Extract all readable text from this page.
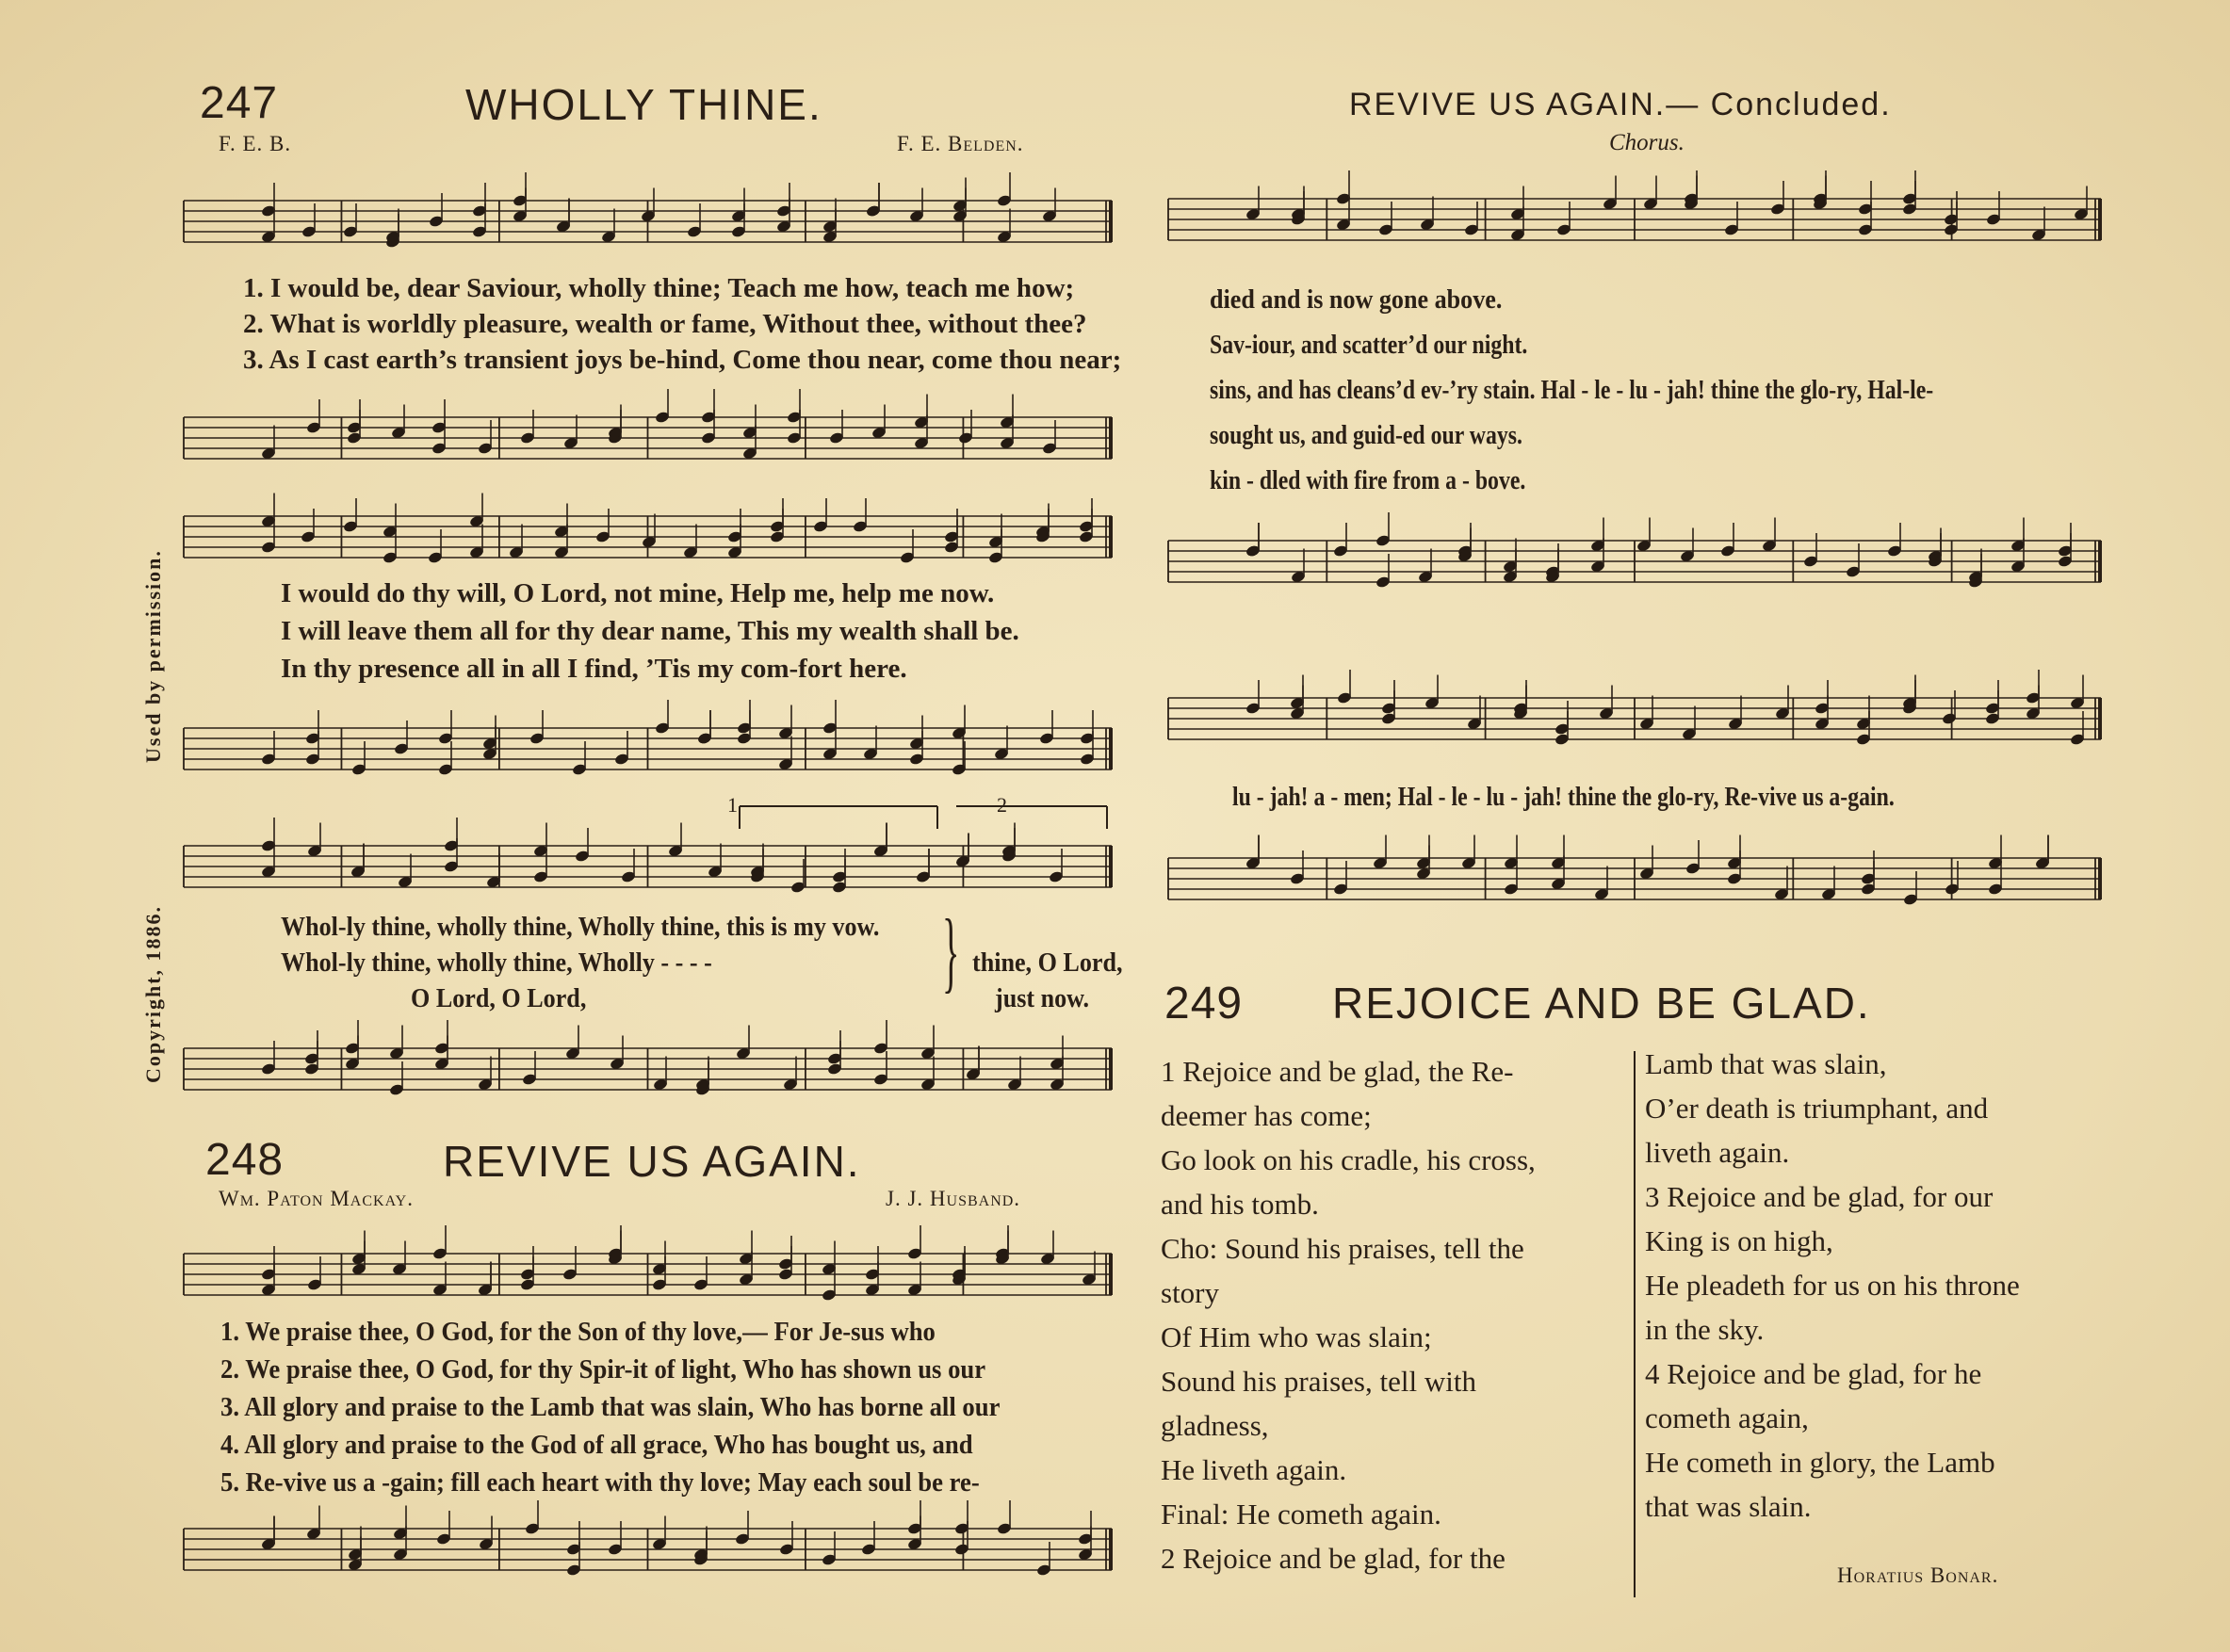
247	WHOLLY THINE.
F. E. B.	F. E. Belden.
1. I would be, dear Saviour, wholly thine; Teach me how, teach me how;
2. What is worldly pleasure, wealth or fame, Without thee, without thee?
3. As I cast earth’s transient joys be-hind, Come thou near, come thou near;
I would do thy will, O Lord, not mine, Help me, help me now.
I will leave them all for thy dear name, This my wealth shall be.
In thy presence all in all I find, ’Tis my com-fort here.
1	2
Whol-ly thine, wholly thine, Wholly thine, this is my vow.
Whol-ly thine, wholly thine, Wholly - - - -
O Lord, O Lord,	} thine, O Lord,
just now.
Copyright, 1886.
Used by permission.
248	REVIVE US AGAIN.
Wm. Paton Mackay.	J. J. Husband.
1. We praise thee, O God, for the Son of thy love,— For Je-sus who
2. We praise thee, O God, for thy Spir-it of light, Who has shown us our
3. All glory and praise to the Lamb that was slain, Who has borne all our
4. All glory and praise to the God of all grace, Who has bought us, and
5. Re-vive us a -gain; fill each heart with thy love; May each soul be re-
REVIVE US AGAIN.— Concluded.
Chorus.
died and is now gone above.
Sav-iour, and scatter’d our night.
sins, and has cleans’d ev-’ry stain. Hal - le - lu - jah! thine the glo-ry, Hal-le-
sought us, and guid-ed our ways.
kin - dled with fire from a - bove.
lu - jah! a - men; Hal - le - lu - jah! thine the glo-ry, Re-vive us a-gain.
249 REJOICE AND BE GLAD.
1 Rejoice and be glad, the Re-
deemer has come;
Go look on his cradle, his cross,
and his tomb.
Cho: Sound his praises, tell the
story
Of Him who was slain;
Sound his praises, tell with
gladness,
He liveth again.
Final: He cometh again.
2 Rejoice and be glad, for the
Lamb that was slain,
O’er death is triumphant, and
liveth again.
3 Rejoice and be glad, for our
King is on high,
He pleadeth for us on his throne
in the sky.
4 Rejoice and be glad, for he
cometh again,
He cometh in glory, the Lamb
that was slain.
Horatius Bonar.
